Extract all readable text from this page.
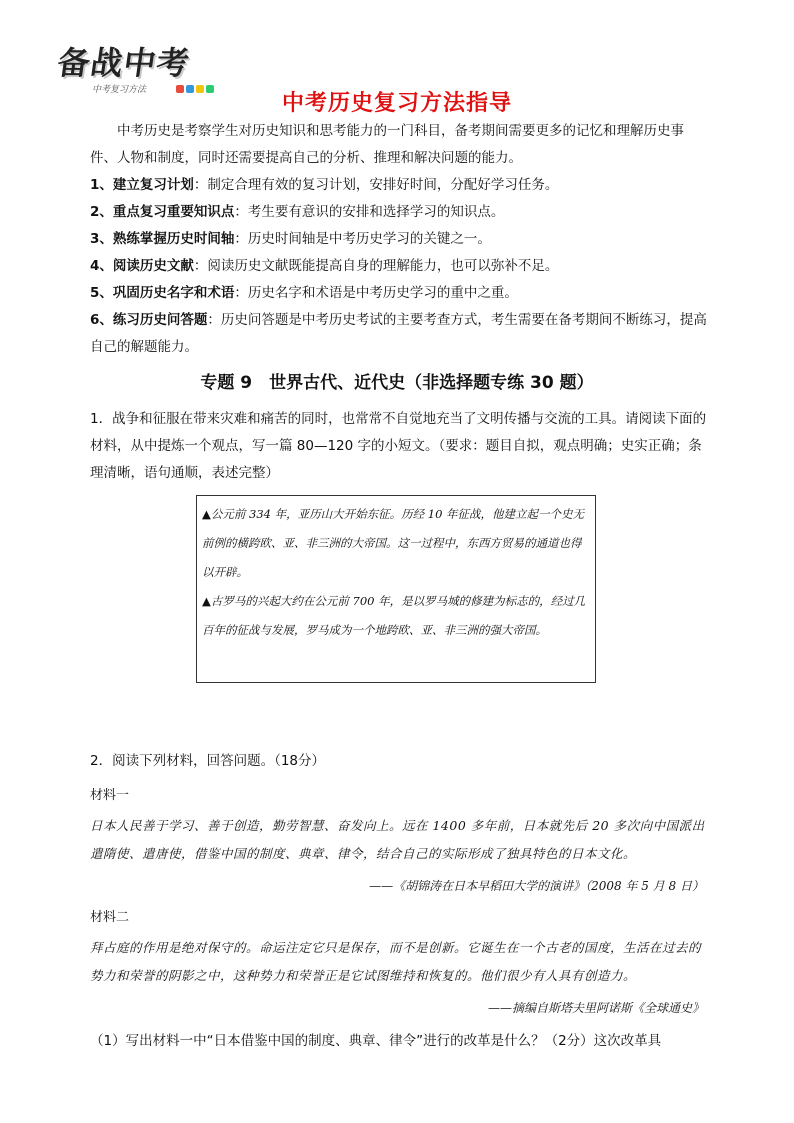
备战中考
中考复习方法
中考历史复习方法指导
中考历史是考察学生对历史知识和思考能力的一门科目，备考期间需要更多的记忆和理解历史事件、人物和制度，同时还需要提高自己的分析、推理和解决问题的能力。
1、建立复习计划：制定合理有效的复习计划，安排好时间，分配好学习任务。
2、重点复习重要知识点：考生要有意识的安排和选择学习的知识点。
3、熟练掌握历史时间轴：历史时间轴是中考历史学习的关键之一。
4、阅读历史文献：阅读历史文献既能提高自身的理解能力，也可以弥补不足。
5、巩固历史名字和术语：历史名字和术语是中考历史学习的重中之重。
6、练习历史问答题：历史问答题是中考历史考试的主要考查方式，考生需要在备考期间不断练习，提高自己的解题能力。
专题 9　世界古代、近代史（非选择题专练 30 题）
1．战争和征服在带来灾难和痛苦的同时，也常常不自觉地充当了文明传播与交流的工具。请阅读下面的材料，从中提炼一个观点，写一篇 80—120 字的小短文。（要求：题目自拟，观点明确；史实正确；条理清晰，语句通顺，表述完整）

▲公元前 334 年，亚历山大开始东征。历经 10 年征战，他建立起一个史无前例的横跨欧、亚、非三洲的大帝国。这一过程中，东西方贸易的通道也得以开辟。

▲古罗马的兴起大约在公元前 700 年，是以罗马城的修建为标志的，经过几百年的征战与发展，罗马成为一个地跨欧、亚、非三洲的强大帝国。

2．阅读下列材料，回答问题。（18分）
材料一
日本人民善于学习、善于创造，勤劳智慧、奋发向上。远在 1400 多年前，日本就先后 20 多次向中国派出遣隋使、遣唐使，借鉴中国的制度、典章、律令，结合自己的实际形成了独具特色的日本文化。
——《胡锦涛在日本早稻田大学的演讲》（2008 年 5 月 8 日）
材料二
拜占庭的作用是绝对保守的。命运注定它只是保存，而不是创新。它诞生在一个古老的国度，生活在过去的势力和荣誉的阴影之中，这种势力和荣誉正是它试图维持和恢复的。他们很少有人具有创造力。
——摘编自斯塔夫里阿诺斯《全球通史》
（1）写出材料一中“日本借鉴中国的制度、典章、律令”进行的改革是什么？（2分）这次改革具
